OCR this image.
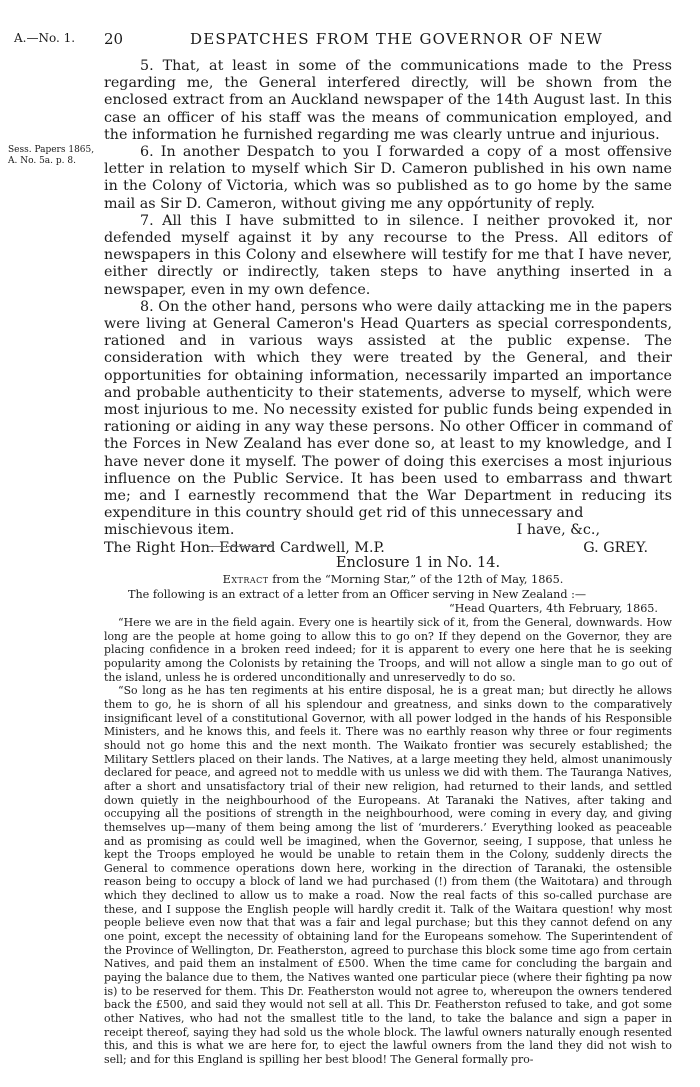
A.—No. 1. 20	DESPATCHES FROM THE GOVERNOR OF NEW
Sess. Papers 1865,
A. No. 5a. p. 8.

5. That, at least in some of the communications made to the Press regarding me, the General interfered directly, will be shown from the enclosed extract from an Auckland newspaper of the 14th August last. In this case an officer of his staff was the means of communication employed, and the information he furnished regarding me was clearly untrue and injurious.

6. In another Despatch to you I forwarded a copy of a most offensive letter in relation to myself which Sir D. Cameron published in his own name in the Colony of Victoria, which was so published as to go home by the same mail as Sir D. Cameron, without giving me any oppórtunity of reply.

7. All this I have submitted to in silence. I neither provoked it, nor defended myself against it by any recourse to the Press. All editors of newspapers in this Colony and elsewhere will testify for me that I have never, either directly or indirectly, taken steps to have anything inserted in a newspaper, even in my own defence.

8. On the other hand, persons who were daily attacking me in the papers were living at General Cameron's Head Quarters as special correspondents, rationed and in various ways assisted at the public expense. The consideration with which they were treated by the General, and their opportunities for obtaining information, necessarily imparted an importance and probable authenticity to their statements, adverse to myself, which were most injurious to me. No necessity existed for public funds being expended in rationing or aiding in any way these persons. No other Officer in command of the Forces in New Zealand has ever done so, at least to my knowledge, and I have never done it myself. The power of doing this exercises a most injurious influence on the Public Service. It has been used to embarrass and thwart me; and I earnestly recommend that the War Department in reducing its expenditure in this country should get rid of this unnecessary and

mischievous item.	I have, &c.,
The Right Hon. Edward Cardwell, M.P.	G. GREY.
Enclosure 1 in No. 14.
Extract from the “Morning Star,” of the 12th of May, 1865.
The following is an extract of a letter from an Officer serving in New Zealand :—
“Head Quarters, 4th February, 1865.

“Here we are in the field again. Every one is heartily sick of it, from the General, downwards. How long are the people at home going to allow this to go on? If they depend on the Governor, they are placing confidence in a broken reed indeed; for it is apparent to every one here that he is seeking popularity among the Colonists by retaining the Troops, and will not allow a single man to go out of the island, unless he is ordered unconditionally and unreservedly to do so.

“So long as he has ten regiments at his entire disposal, he is a great man; but directly he allows them to go, he is shorn of all his splendour and greatness, and sinks down to the comparatively insignificant level of a constitutional Governor, with all power lodged in the hands of his Responsible Ministers, and he knows this, and feels it. There was no earthly reason why three or four regiments should not go home this and the next month. The Waikato frontier was securely established; the Military Settlers placed on their lands. The Natives, at a large meeting they held, almost unanimously declared for peace, and agreed not to meddle with us unless we did with them. The Tauranga Natives, after a short and unsatisfactory trial of their new religion, had returned to their lands, and settled down quietly in the neighbourhood of the Europeans. At Taranaki the Natives, after taking and occupying all the positions of strength in the neighbourhood, were coming in every day, and giving themselves up—many of them being among the list of ‘murderers.’ Everything looked as peaceable and as promising as could well be imagined, when the Governor, seeing, I suppose, that unless he kept the Troops employed he would be unable to retain them in the Colony, suddenly directs the General to commence operations down here, working in the direction of Taranaki, the ostensible reason being to occupy a block of land we had purchased (!) from them (the Waitotara) and through which they declined to allow us to make a road. Now the real facts of this so-called purchase are these, and I suppose the English people will hardly credit it. Talk of the Waitara question! why most people believe even now that that was a fair and legal purchase; but this they cannot defend on any one point, except the necessity of obtaining land for the Europeans somehow. The Superintendent of the Province of Wellington, Dr. Featherston, agreed to purchase this block some time ago from certain Natives, and paid them an instalment of £500. When the time came for concluding the bargain and paying the balance due to them, the Natives wanted one particular piece (where their fighting pa now is) to be reserved for them. This Dr. Featherston would not agree to, whereupon the owners tendered back the £500, and said they would not sell at all. This Dr. Featherston refused to take, and got some other Natives, who had not the smallest title to the land, to take the balance and sign a paper in receipt thereof, saying they had sold us the whole block. The lawful owners naturally enough resented this, and this is what we are here for, to eject the lawful owners from the land they did not wish to sell; and for this England is spilling her best blood! The General formally pro-
